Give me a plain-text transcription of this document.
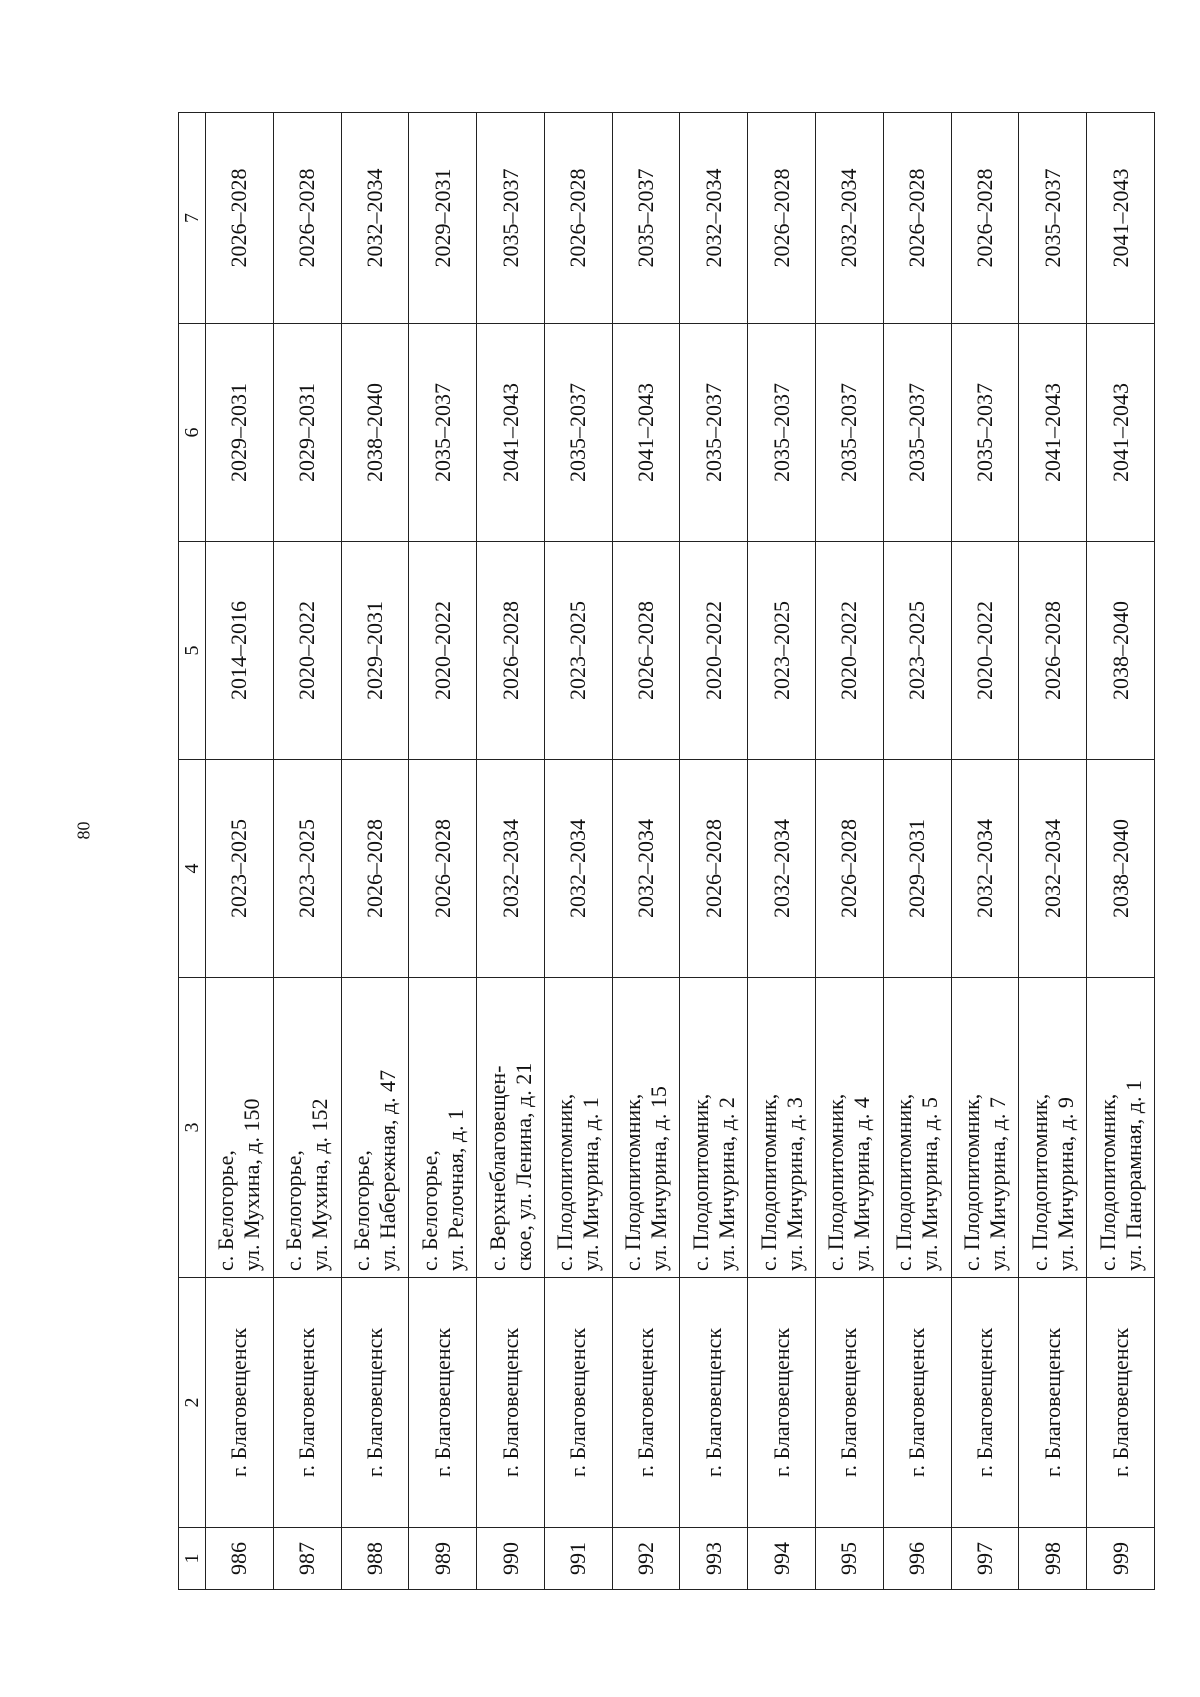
80
1	2	3	4	5	6	7
986	г. Благовещенск	с. Белогорье, ул. Мухина, д. 150	2023–2025	2014–2016	2029–2031	2026–2028
987	г. Благовещенск	с. Белогорье, ул. Мухина, д. 152	2023–2025	2020–2022	2029–2031	2026–2028
988	г. Благовещенск	с. Белогорье, ул. Набережная, д. 47	2026–2028	2029–2031	2038–2040	2032–2034
989	г. Благовещенск	с. Белогорье, ул. Релочная, д. 1	2026–2028	2020–2022	2035–2037	2029–2031
990	г. Благовещенск	с. Верхнеблаговещен- ское, ул. Ленина, д. 21	2032–2034	2026–2028	2041–2043	2035–2037
991	г. Благовещенск	с. Плодопитомник, ул. Мичурина, д. 1	2032–2034	2023–2025	2035–2037	2026–2028
992	г. Благовещенск	с. Плодопитомник, ул. Мичурина, д. 15	2032–2034	2026–2028	2041–2043	2035–2037
993	г. Благовещенск	с. Плодопитомник, ул. Мичурина, д. 2	2026–2028	2020–2022	2035–2037	2032–2034
994	г. Благовещенск	с. Плодопитомник, ул. Мичурина, д. 3	2032–2034	2023–2025	2035–2037	2026–2028
995	г. Благовещенск	с. Плодопитомник, ул. Мичурина, д. 4	2026–2028	2020–2022	2035–2037	2032–2034
996	г. Благовещенск	с. Плодопитомник, ул. Мичурина, д. 5	2029–2031	2023–2025	2035–2037	2026–2028
997	г. Благовещенск	с. Плодопитомник, ул. Мичурина, д. 7	2032–2034	2020–2022	2035–2037	2026–2028
998	г. Благовещенск	с. Плодопитомник, ул. Мичурина, д. 9	2032–2034	2026–2028	2041–2043	2035–2037
999	г. Благовещенск	с. Плодопитомник, ул. Панорамная, д. 1	2038–2040	2038–2040	2041–2043	2041–2043
